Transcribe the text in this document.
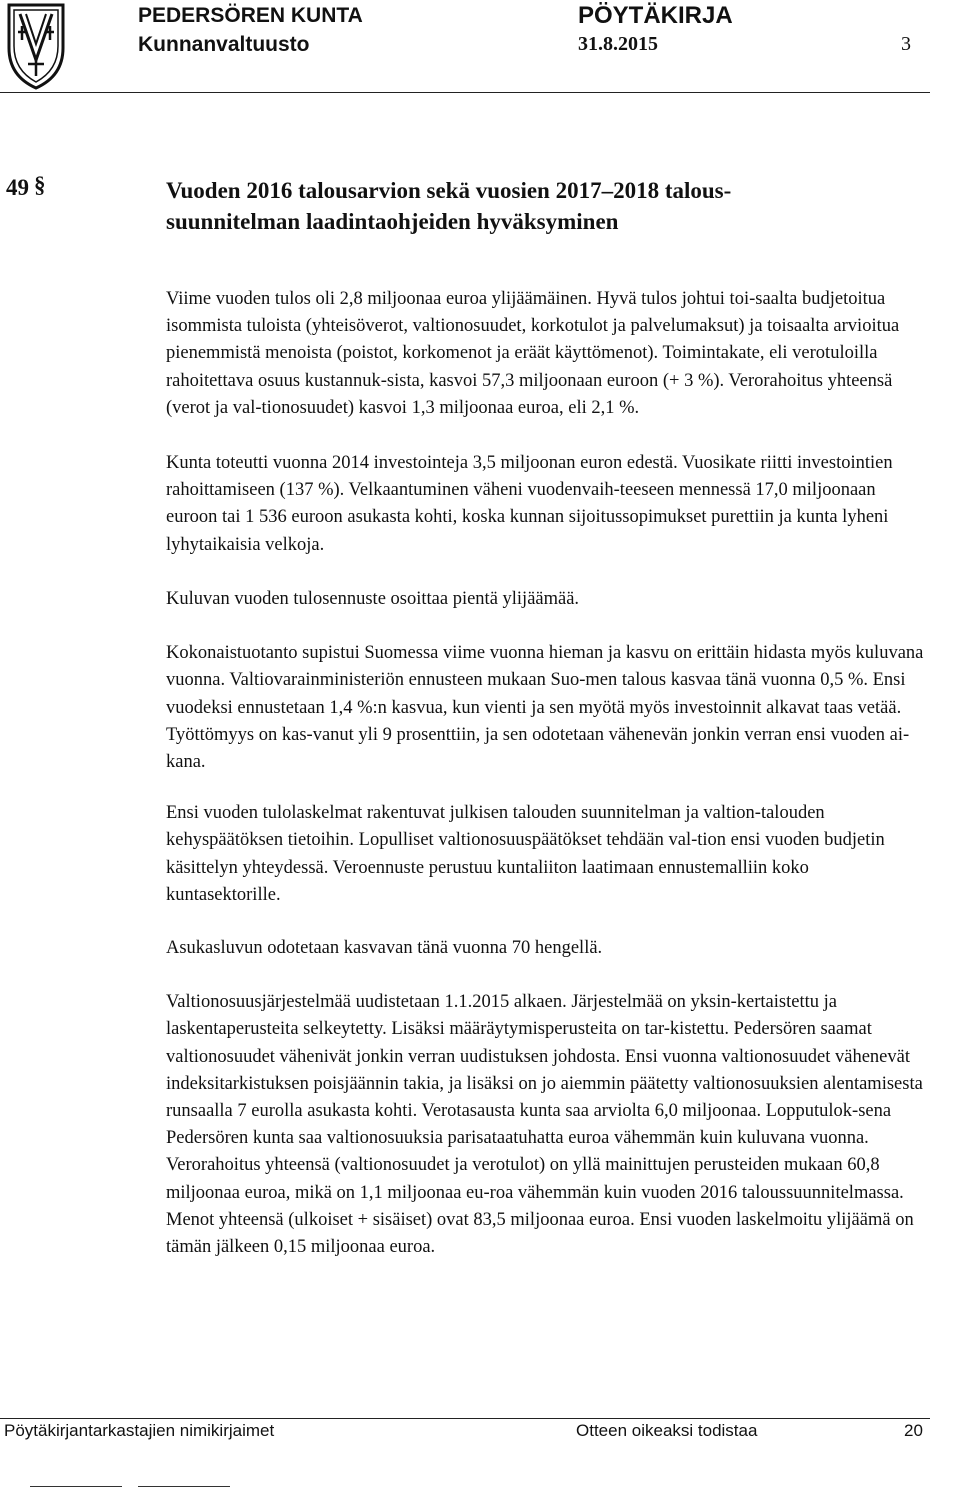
PEDERSÖREN KUNTA	PÖYTÄKIRJA
Kunnanvaltuusto	31.8.2015	3
49 §	Vuoden 2016 talousarvion sekä vuosien 2017–2018 talous-
suunnitelman laadintaohjeiden hyväksyminen

Viime vuoden tulos oli 2,8 miljoonaa euroa ylijäämäinen. Hyvä tulos johtui toi-saalta budjetoitua isommista tuloista (yhteisöverot, valtionosuudet, korkotulot ja palvelumaksut) ja toisaalta arvioitua pienemmistä menoista (poistot, korkomenot ja eräät käyttömenot). Toimintakate, eli verotuloilla rahoitettava osuus kustannuk-sista, kasvoi 57,3 miljoonaan euroon (+ 3 %). Verorahoitus yhteensä (verot ja val-tionosuudet) kasvoi 1,3 miljoonaa euroa, eli 2,1 %.

Kunta toteutti vuonna 2014 investointeja 3,5 miljoonan euron edestä. Vuosikate riitti investointien rahoittamiseen (137 %). Velkaantuminen väheni vuodenvaih-teeseen mennessä 17,0 miljoonaan euroon tai 1 536 euroon asukasta kohti, koska kunnan sijoitussopimukset purettiin ja kunta lyheni lyhytaikaisia velkoja.

Kuluvan vuoden tulosennuste osoittaa pientä ylijäämää.

Kokonaistuotanto supistui Suomessa viime vuonna hieman ja kasvu on erittäin hidasta myös kuluvana vuonna. Valtiovarainministeriön ennusteen mukaan Suo-men talous kasvaa tänä vuonna 0,5 %. Ensi vuodeksi ennustetaan 1,4 %:n kasvua, kun vienti ja sen myötä myös investoinnit alkavat taas vetää. Työttömyys on kas-vanut yli 9 prosenttiin, ja sen odotetaan vähenevän jonkin verran ensi vuoden ai-kana.

Ensi vuoden tulolaskelmat rakentuvat julkisen talouden suunnitelman ja valtion-talouden kehyspäätöksen tietoihin. Lopulliset valtionosuuspäätökset tehdään val-tion ensi vuoden budjetin käsittelyn yhteydessä. Veroennuste perustuu kuntaliiton laatimaan ennustemalliin koko kuntasektorille.

Asukasluvun odotetaan kasvavan tänä vuonna 70 hengellä.

Valtionosuusjärjestelmää uudistetaan 1.1.2015 alkaen. Järjestelmää on yksin-kertaistettu ja laskentaperusteita selkeytetty. Lisäksi määräytymisperusteita on tar-kistettu. Pedersören saamat valtionosuudet vähenivät jonkin verran uudistuksen johdosta. Ensi vuonna valtionosuudet vähenevät indeksitarkistuksen poisjäännin takia, ja lisäksi on jo aiemmin päätetty valtionosuuksien alentamisesta runsaalla 7 eurolla asukasta kohti. Verotasausta kunta saa arviolta 6,0 miljoonaa. Lopputulok-sena Pedersören kunta saa valtionosuuksia parisataatuhatta euroa vähemmän kuin kuluvana vuonna. Verorahoitus yhteensä (valtionosuudet ja verotulot) on yllä mainittujen perusteiden mukaan 60,8 miljoonaa euroa, mikä on 1,1 miljoonaa eu-roa vähemmän kuin vuoden 2016 taloussuunnitelmassa. Menot yhteensä (ulkoiset + sisäiset) ovat 83,5 miljoonaa euroa. Ensi vuoden laskelmoitu ylijäämä on tämän jälkeen 0,15 miljoonaa euroa.

Pöytäkirjantarkastajien nimikirjaimet	Otteen oikeaksi todistaa	20
